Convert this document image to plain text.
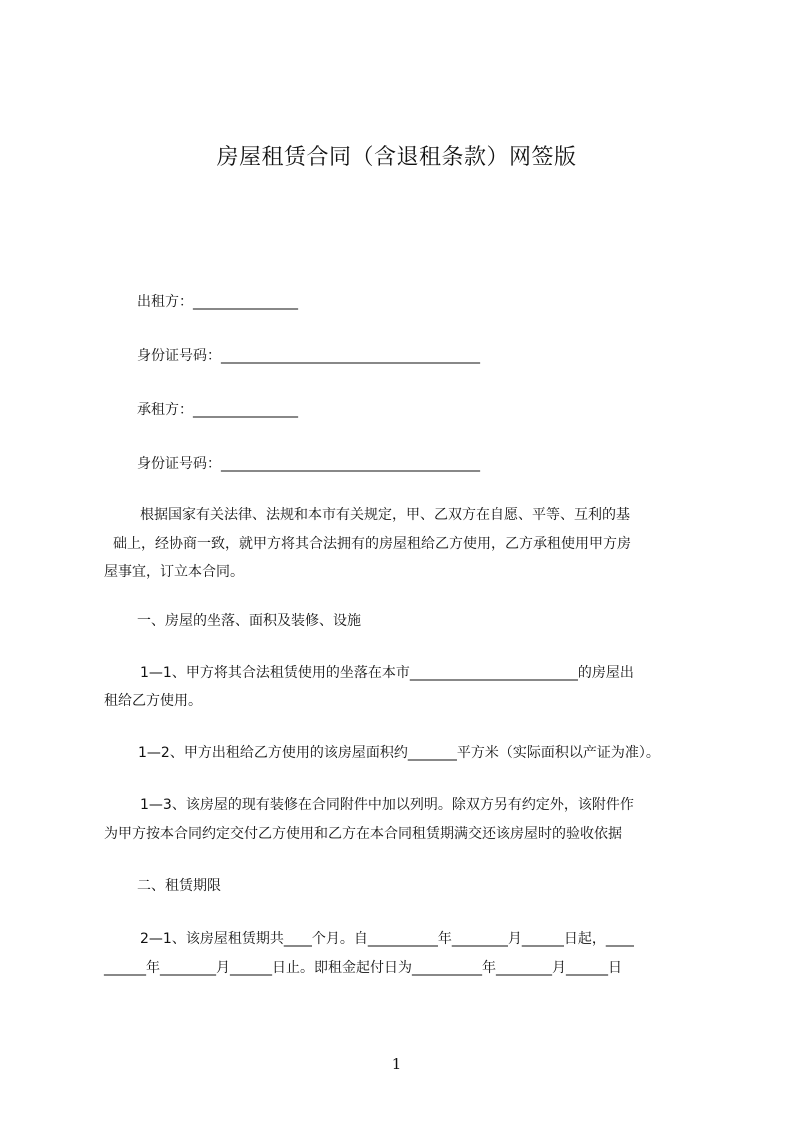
房屋租赁合同（含退租条款）网签版
出租方：_______________
身份证号码：_____________________________________
承租方：_______________
身份证号码：_____________________________________
根据国家有关法律、法规和本市有关规定，甲、乙双方在自愿、平等、互利的基
础上，经协商一致，就甲方将其合法拥有的房屋租给乙方使用，乙方承租使用甲方房
屋事宜，订立本合同。
一、房屋的坐落、面积及装修、设施
1—1、甲方将其合法租赁使用的坐落在本市________________________的房屋出
租给乙方使用。
1—2、甲方出租给乙方使用的该房屋面积约_______平方米（实际面积以产证为准）。
1—3、该房屋的现有装修在合同附件中加以列明。除双方另有约定外，该附件作
为甲方按本合同约定交付乙方使用和乙方在本合同租赁期满交还该房屋时的验收依据
二、租赁期限
2—1、该房屋租赁期共____个月。自__________年________月______日起，____
______年________月______日止。即租金起付日为__________年________月______日
1
